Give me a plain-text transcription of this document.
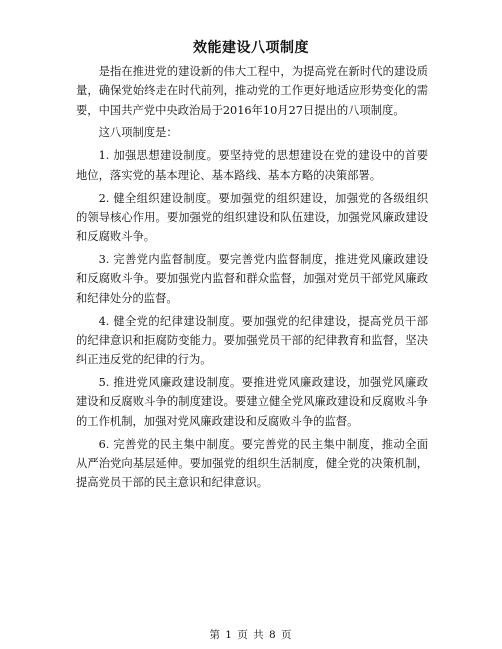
效能建设八项制度

是指在推进党的建设新的伟大工程中，为提高党在新时代的建设质量，确保党始终走在时代前列，推动党的工作更好地适应形势变化的需要，中国共产党中央政治局于2016年10月27日提出的八项制度。

这八项制度是：

1. 加强思想建设制度。要坚持党的思想建设在党的建设中的首要地位，落实党的基本理论、基本路线、基本方略的决策部署。

2. 健全组织建设制度。要加强党的组织建设，加强党的各级组织的领导核心作用。要加强党的组织建设和队伍建设，加强党风廉政建设和反腐败斗争。

3. 完善党内监督制度。要完善党内监督制度，推进党风廉政建设和反腐败斗争。要加强党内监督和群众监督，加强对党员干部党风廉政和纪律处分的监督。

4. 健全党的纪律建设制度。要加强党的纪律建设，提高党员干部的纪律意识和拒腐防变能力。要加强党员干部的纪律教育和监督，坚决纠正违反党的纪律的行为。

5. 推进党风廉政建设制度。要推进党风廉政建设，加强党风廉政建设和反腐败斗争的制度建设。要建立健全党风廉政建设和反腐败斗争的工作机制，加强对党风廉政建设和反腐败斗争的监督。

6. 完善党的民主集中制度。要完善党的民主集中制度，推动全面从严治党向基层延伸。要加强党的组织生活制度，健全党的决策机制，提高党员干部的民主意识和纪律意识。

第 1 页 共 8 页
